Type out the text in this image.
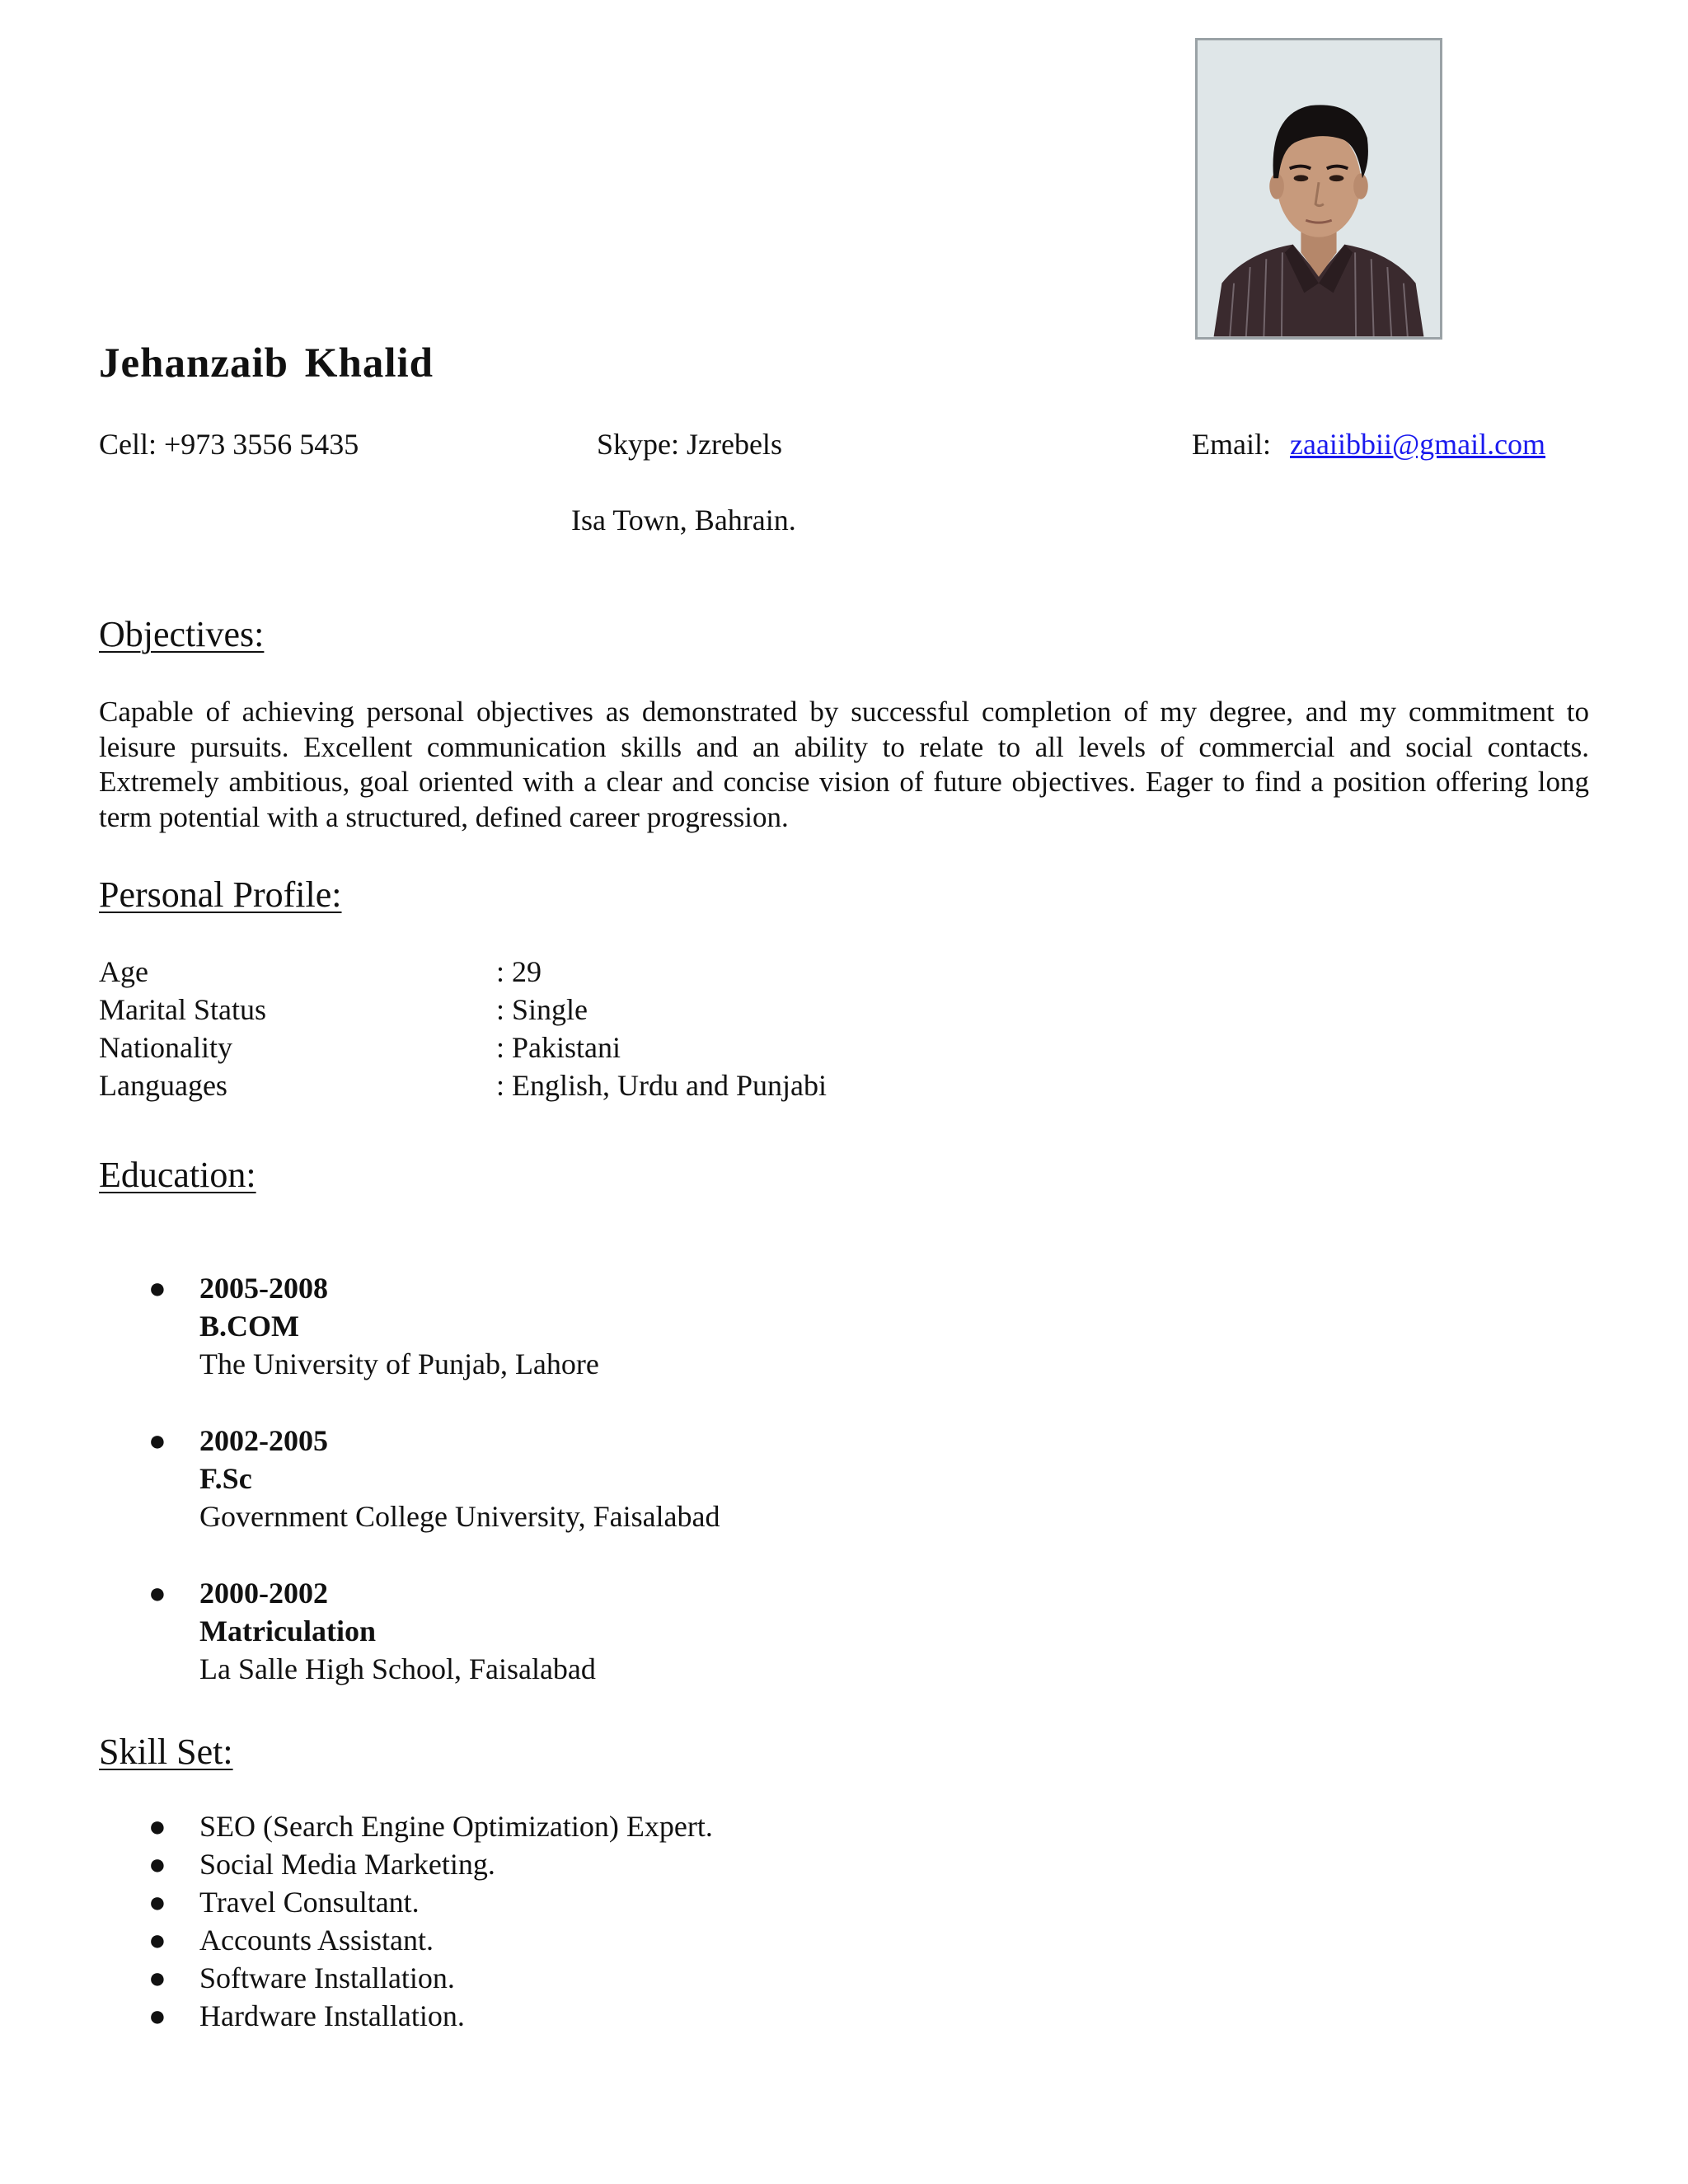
Jehanzaib Khalid
Cell: +973 3556 5435	Skype: Jzrebels	Email: zaaiibbii@gmail.com
Isa Town, Bahrain.
Objectives:
Capable of achieving personal objectives as demonstrated by successful completion of my degree, and my commitment to leisure pursuits. Excellent communication skills and an ability to relate to all levels of commercial and social contacts. Extremely ambitious, goal oriented with a clear and concise vision of future objectives. Eager to find a position offering long term potential with a structured, defined career progression.
Personal Profile:
Age	: 29
Marital Status	: Single
Nationality	: Pakistani
Languages	: English, Urdu and Punjabi
Education:
● 2005-2008
B.COM
The University of Punjab, Lahore
● 2002-2005
F.Sc
Government College University, Faisalabad
● 2000-2002
Matriculation
La Salle High School, Faisalabad
Skill Set:
● SEO (Search Engine Optimization) Expert.
● Social Media Marketing.
● Travel Consultant.
● Accounts Assistant.
● Software Installation.
● Hardware Installation.
